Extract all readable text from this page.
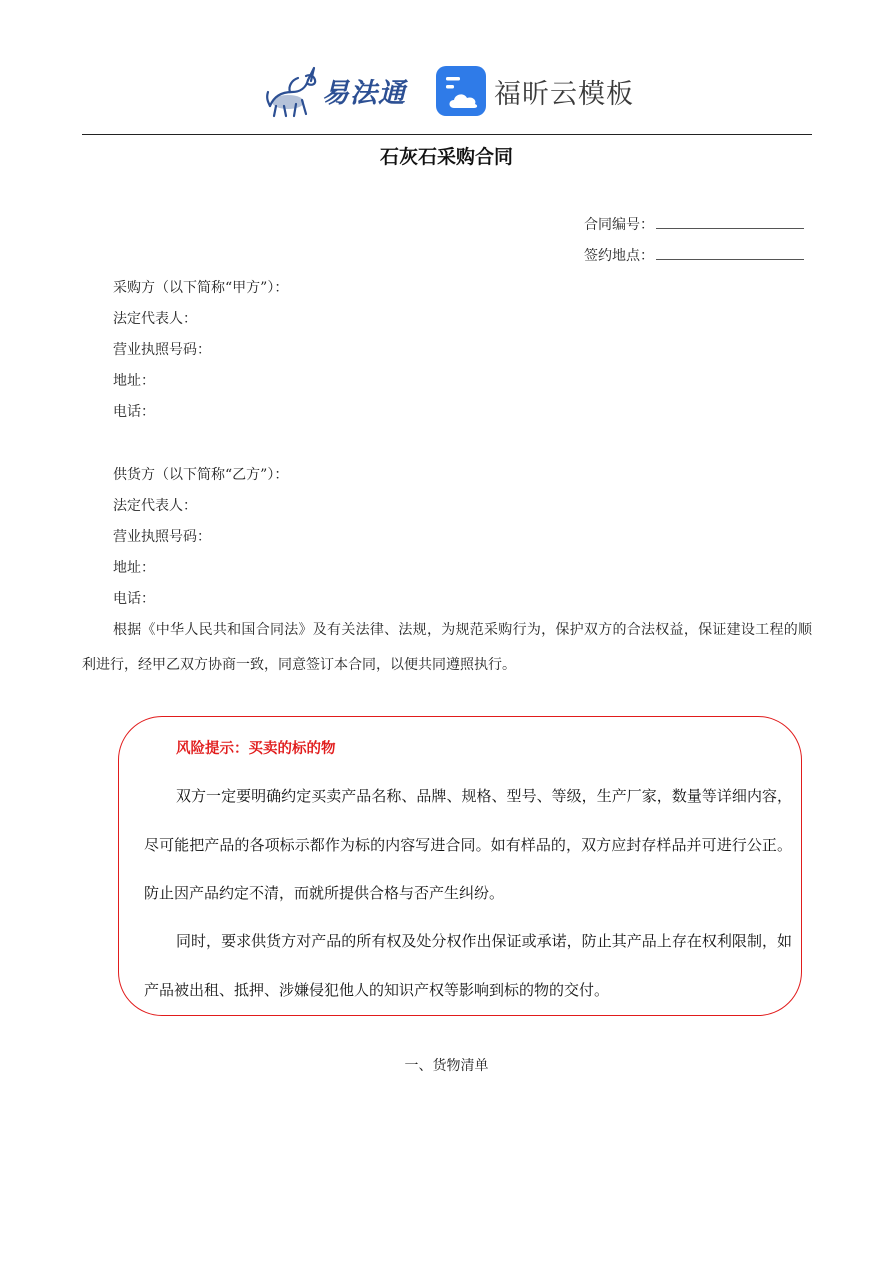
易法通	福昕云模板
石灰石采购合同
合同编号：
签约地点：
采购方（以下简称“甲方”）：
法定代表人：
营业执照号码：
地址：
电话：
供货方（以下简称“乙方”）：
法定代表人：
营业执照号码：
地址：
电话：
根据《中华人民共和国合同法》及有关法律、法规，为规范采购行为，保护双方的合法权益，保证建设工程的顺利进行，经甲乙双方协商一致，同意签订本合同，以便共同遵照执行。
风险提示：买卖的标的物
双方一定要明确约定买卖产品名称、品牌、规格、型号、等级，生产厂家，数量等详细内容，尽可能把产品的各项标示都作为标的内容写进合同。如有样品的，双方应封存样品并可进行公正。防止因产品约定不清，而就所提供合格与否产生纠纷。
同时，要求供货方对产品的所有权及处分权作出保证或承诺，防止其产品上存在权利限制，如产品被出租、抵押、涉嫌侵犯他人的知识产权等影响到标的物的交付。
一、货物清单
